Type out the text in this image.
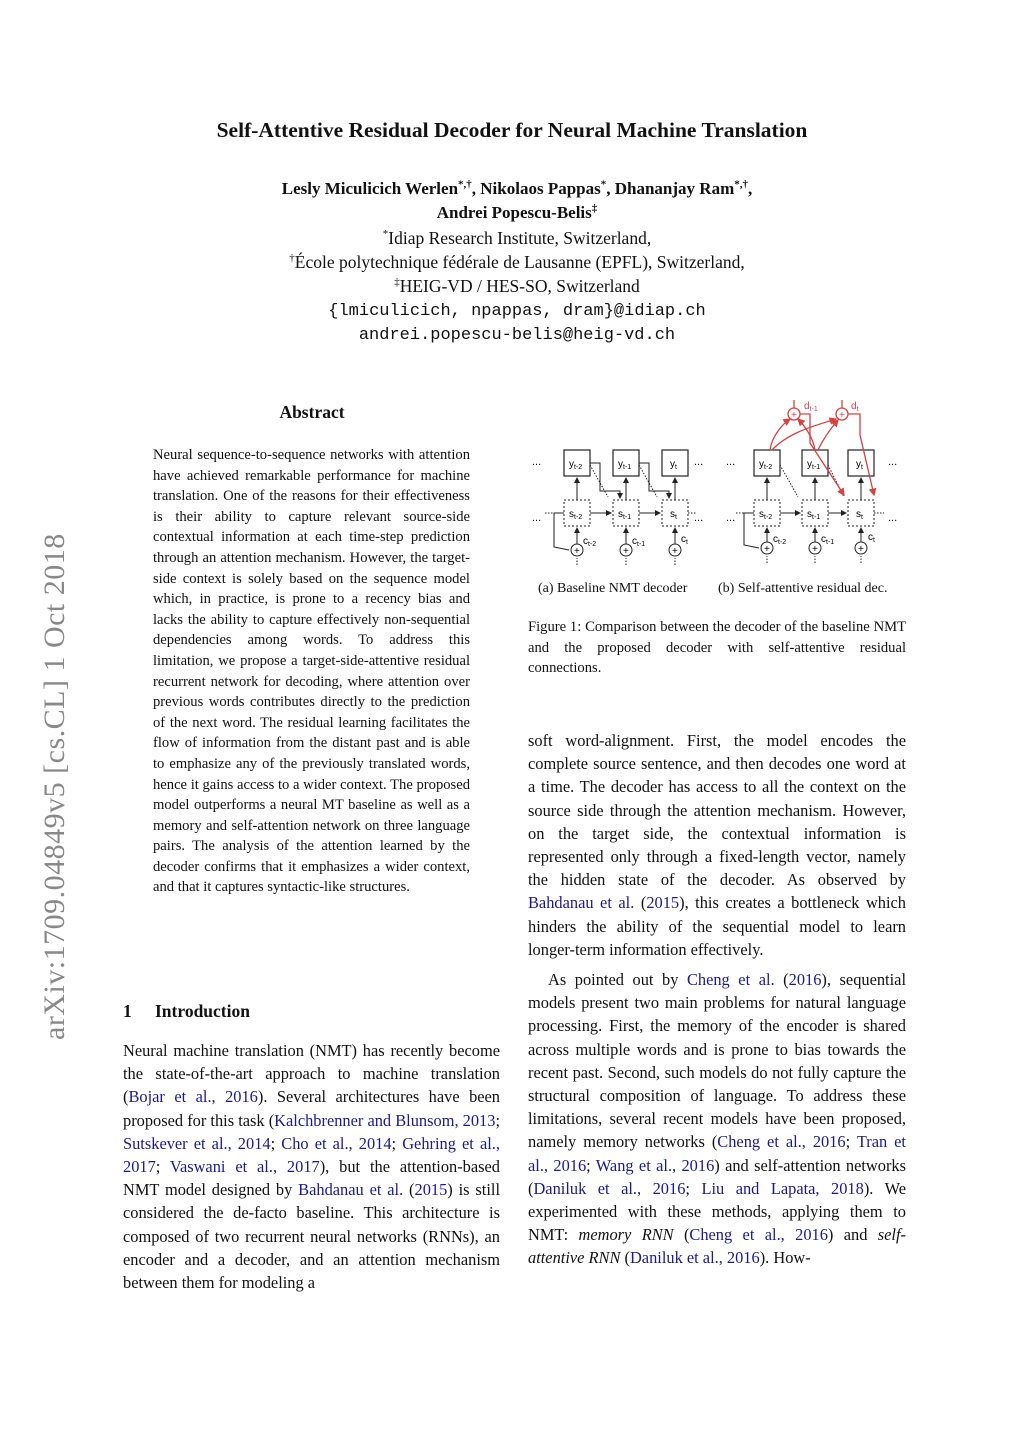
Self-Attentive Residual Decoder for Neural Machine Translation
Lesly Miculicich Werlen*,†, Nikolaos Pappas*, Dhananjay Ram*,†,
Andrei Popescu-Belis‡
*Idiap Research Institute, Switzerland,
†École polytechnique fédérale de Lausanne (EPFL), Switzerland,
‡HEIG-VD / HES-SO, Switzerland
{lmiculicich, npappas, dram}@idiap.ch
andrei.popescu-belis@heig-vd.ch
arXiv:1709.04849v5 [cs.CL] 1 Oct 2018
Abstract
Neural sequence-to-sequence networks with attention have achieved remarkable performance for machine translation. One of the reasons for their effectiveness is their ability to capture relevant source-side contextual information at each time-step prediction through an attention mechanism. However, the target-side context is solely based on the sequence model which, in practice, is prone to a recency bias and lacks the ability to capture effectively non-sequential dependencies among words. To address this limitation, we propose a target-side-attentive residual recurrent network for decoding, where attention over previous words contributes directly to the prediction of the next word. The residual learning facilitates the flow of information from the distant past and is able to emphasize any of the previously translated words, hence it gains access to a wider context. The proposed model outperforms a neural MT baseline as well as a memory and self-attention network on three language pairs. The analysis of the attention learned by the decoder confirms that it emphasizes a wider context, and that it captures syntactic-like structures.
1 Introduction
Neural machine translation (NMT) has recently become the state-of-the-art approach to machine translation (Bojar et al., 2016). Several architectures have been proposed for this task (Kalchbrenner and Blunsom, 2013; Sutskever et al., 2014; Cho et al., 2014; Gehring et al., 2017; Vaswani et al., 2017), but the attention-based NMT model designed by Bahdanau et al. (2015) is still considered the de-facto baseline. This architecture is composed of two recurrent neural networks (RNNs), an encoder and a decoder, and an attention mechanism between them for modeling a
...
...
...
...
$y_{t-2}$	$y_{t-1}$	$y_t$
$s_{t-2}$	$s_{t-1}$	$s_t$
+	+	+
$c_{t-2}$	$c_{t-1}$	$c_t$
...
...
...
...
$y_{t-2}$	$y_{t-1}$	$y_t$
$s_{t-2}$	$s_{t-1}$	$s_t$
+	+	+
$c_{t-2}$	$c_{t-1}$	$c_t$
+	+
$d_{t-1}$	$d_t$
(a) Baseline NMT decoder (b) Self-attentive residual dec.
Figure 1: Comparison between the decoder of the baseline NMT and the proposed decoder with self-attentive residual connections.

soft word-alignment. First, the model encodes the complete source sentence, and then decodes one word at a time. The decoder has access to all the context on the source side through the attention mechanism. However, on the target side, the contextual information is represented only through a fixed-length vector, namely the hidden state of the decoder. As observed by Bahdanau et al. (2015), this creates a bottleneck which hinders the ability of the sequential model to learn longer-term information effectively.

As pointed out by Cheng et al. (2016), sequential models present two main problems for natural language processing. First, the memory of the encoder is shared across multiple words and is prone to bias towards the recent past. Second, such models do not fully capture the structural composition of language. To address these limitations, several recent models have been proposed, namely memory networks (Cheng et al., 2016; Tran et al., 2016; Wang et al., 2016) and self-attention networks (Daniluk et al., 2016; Liu and Lapata, 2018). We experimented with these methods, applying them to NMT: memory RNN (Cheng et al., 2016) and self-attentive RNN (Daniluk et al., 2016). How-
